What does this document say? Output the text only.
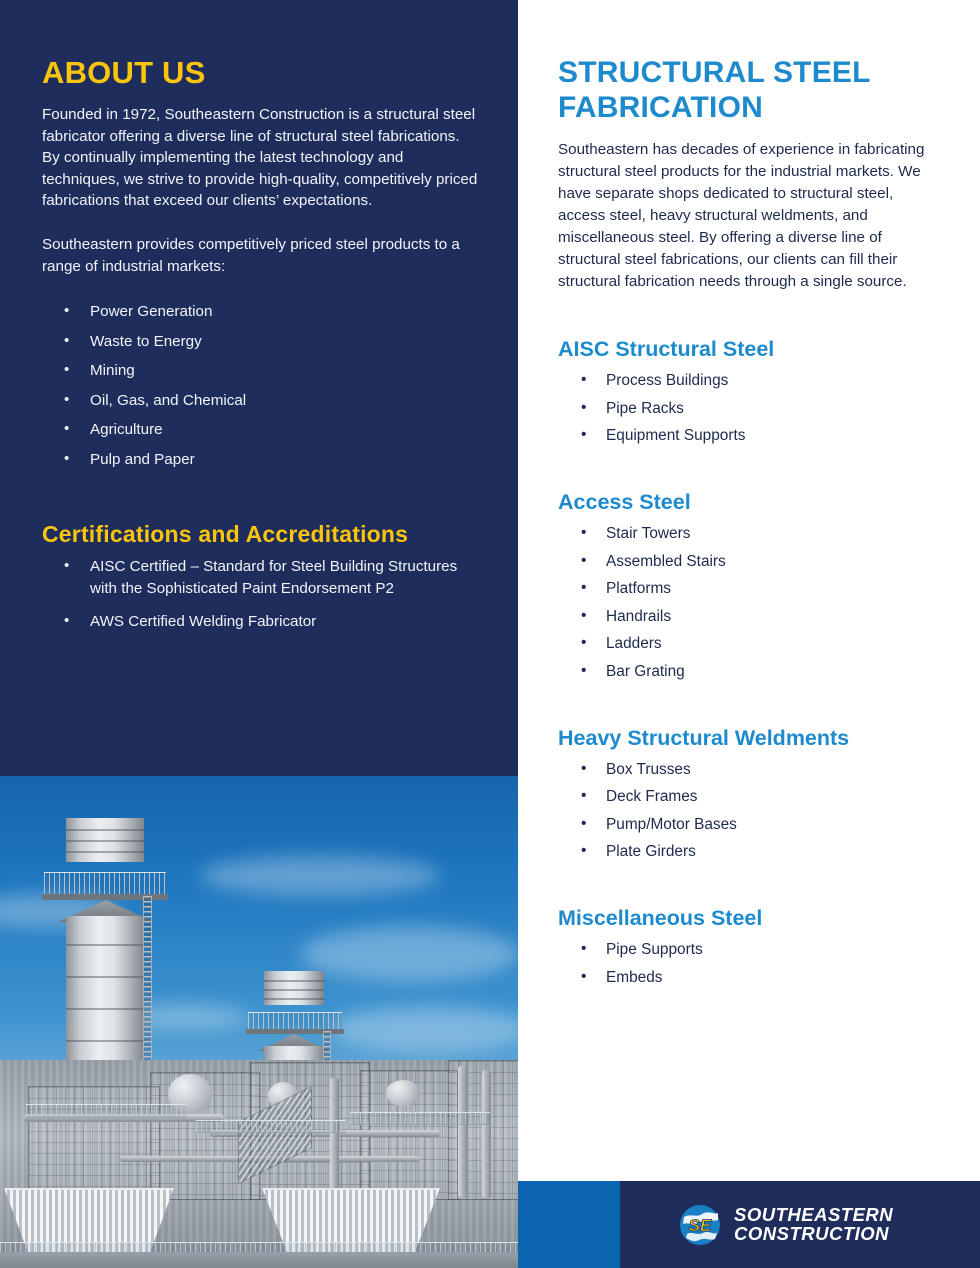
ABOUT US

Founded in 1972, Southeastern Construction is a structural steel fabricator offering a diverse line of structural steel fabrications. By continually implementing the latest technology and techniques, we strive to provide high-quality, competitively priced fabrications that exceed our clients’ expectations.

Southeastern provides competitively priced steel products to a range of industrial markets:

• Power Generation
• Waste to Energy
• Mining
• Oil, Gas, and Chemical
• Agriculture
• Pulp and Paper
Certifications and Accreditations
• AISC Certified – Standard for Steel Building Structures with the Sophisticated Paint Endorsement P2
• AWS Certified Welding Fabricator
STRUCTURAL STEEL FABRICATION

Southeastern has decades of experience in fabricating structural steel products for the industrial markets. We have separate shops dedicated to structural steel, access steel, heavy structural weldments, and miscellaneous steel. By offering a diverse line of structural steel fabrications, our clients can fill their structural fabrication needs through a single source.

AISC Structural Steel
• Process Buildings
• Pipe Racks
• Equipment Supports
Access Steel
• Stair Towers
• Assembled Stairs
• Platforms
• Handrails
• Ladders
• Bar Grating
Heavy Structural Weldments
• Box Trusses
• Deck Frames
• Pump/Motor Bases
• Plate Girders
Miscellaneous Steel
• Pipe Supports
• Embeds
SE SOUTHEASTERN
CONSTRUCTION
